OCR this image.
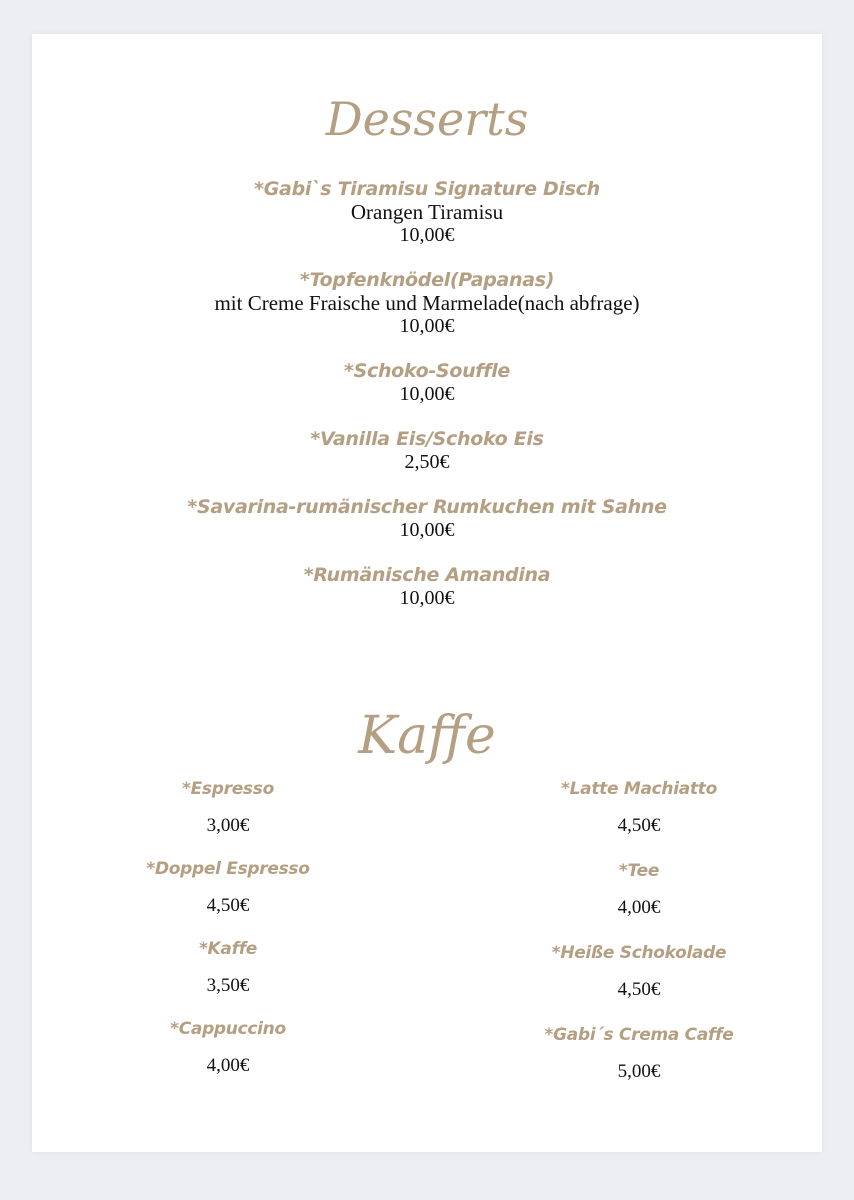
Desserts
*Gabi`s Tiramisu Signature Disch
Orangen Tiramisu
10,00€
*Topfenknödel(Papanas)
mit Creme Fraische und Marmelade(nach abfrage)
10,00€
*Schoko-Souffle
10,00€
*Vanilla Eis/Schoko Eis
2,50€
*Savarina-rumänischer Rumkuchen mit Sahne
10,00€
*Rumänische Amandina
10,00€
Kaffe
*Espresso
3,00€
*Doppel Espresso
4,50€
*Kaffe
3,50€
*Cappuccino
4,00€
*Latte Machiatto
4,50€
*Tee
4,00€
*Heiße Schokolade
4,50€
*Gabi´s Crema Caffe
5,00€
